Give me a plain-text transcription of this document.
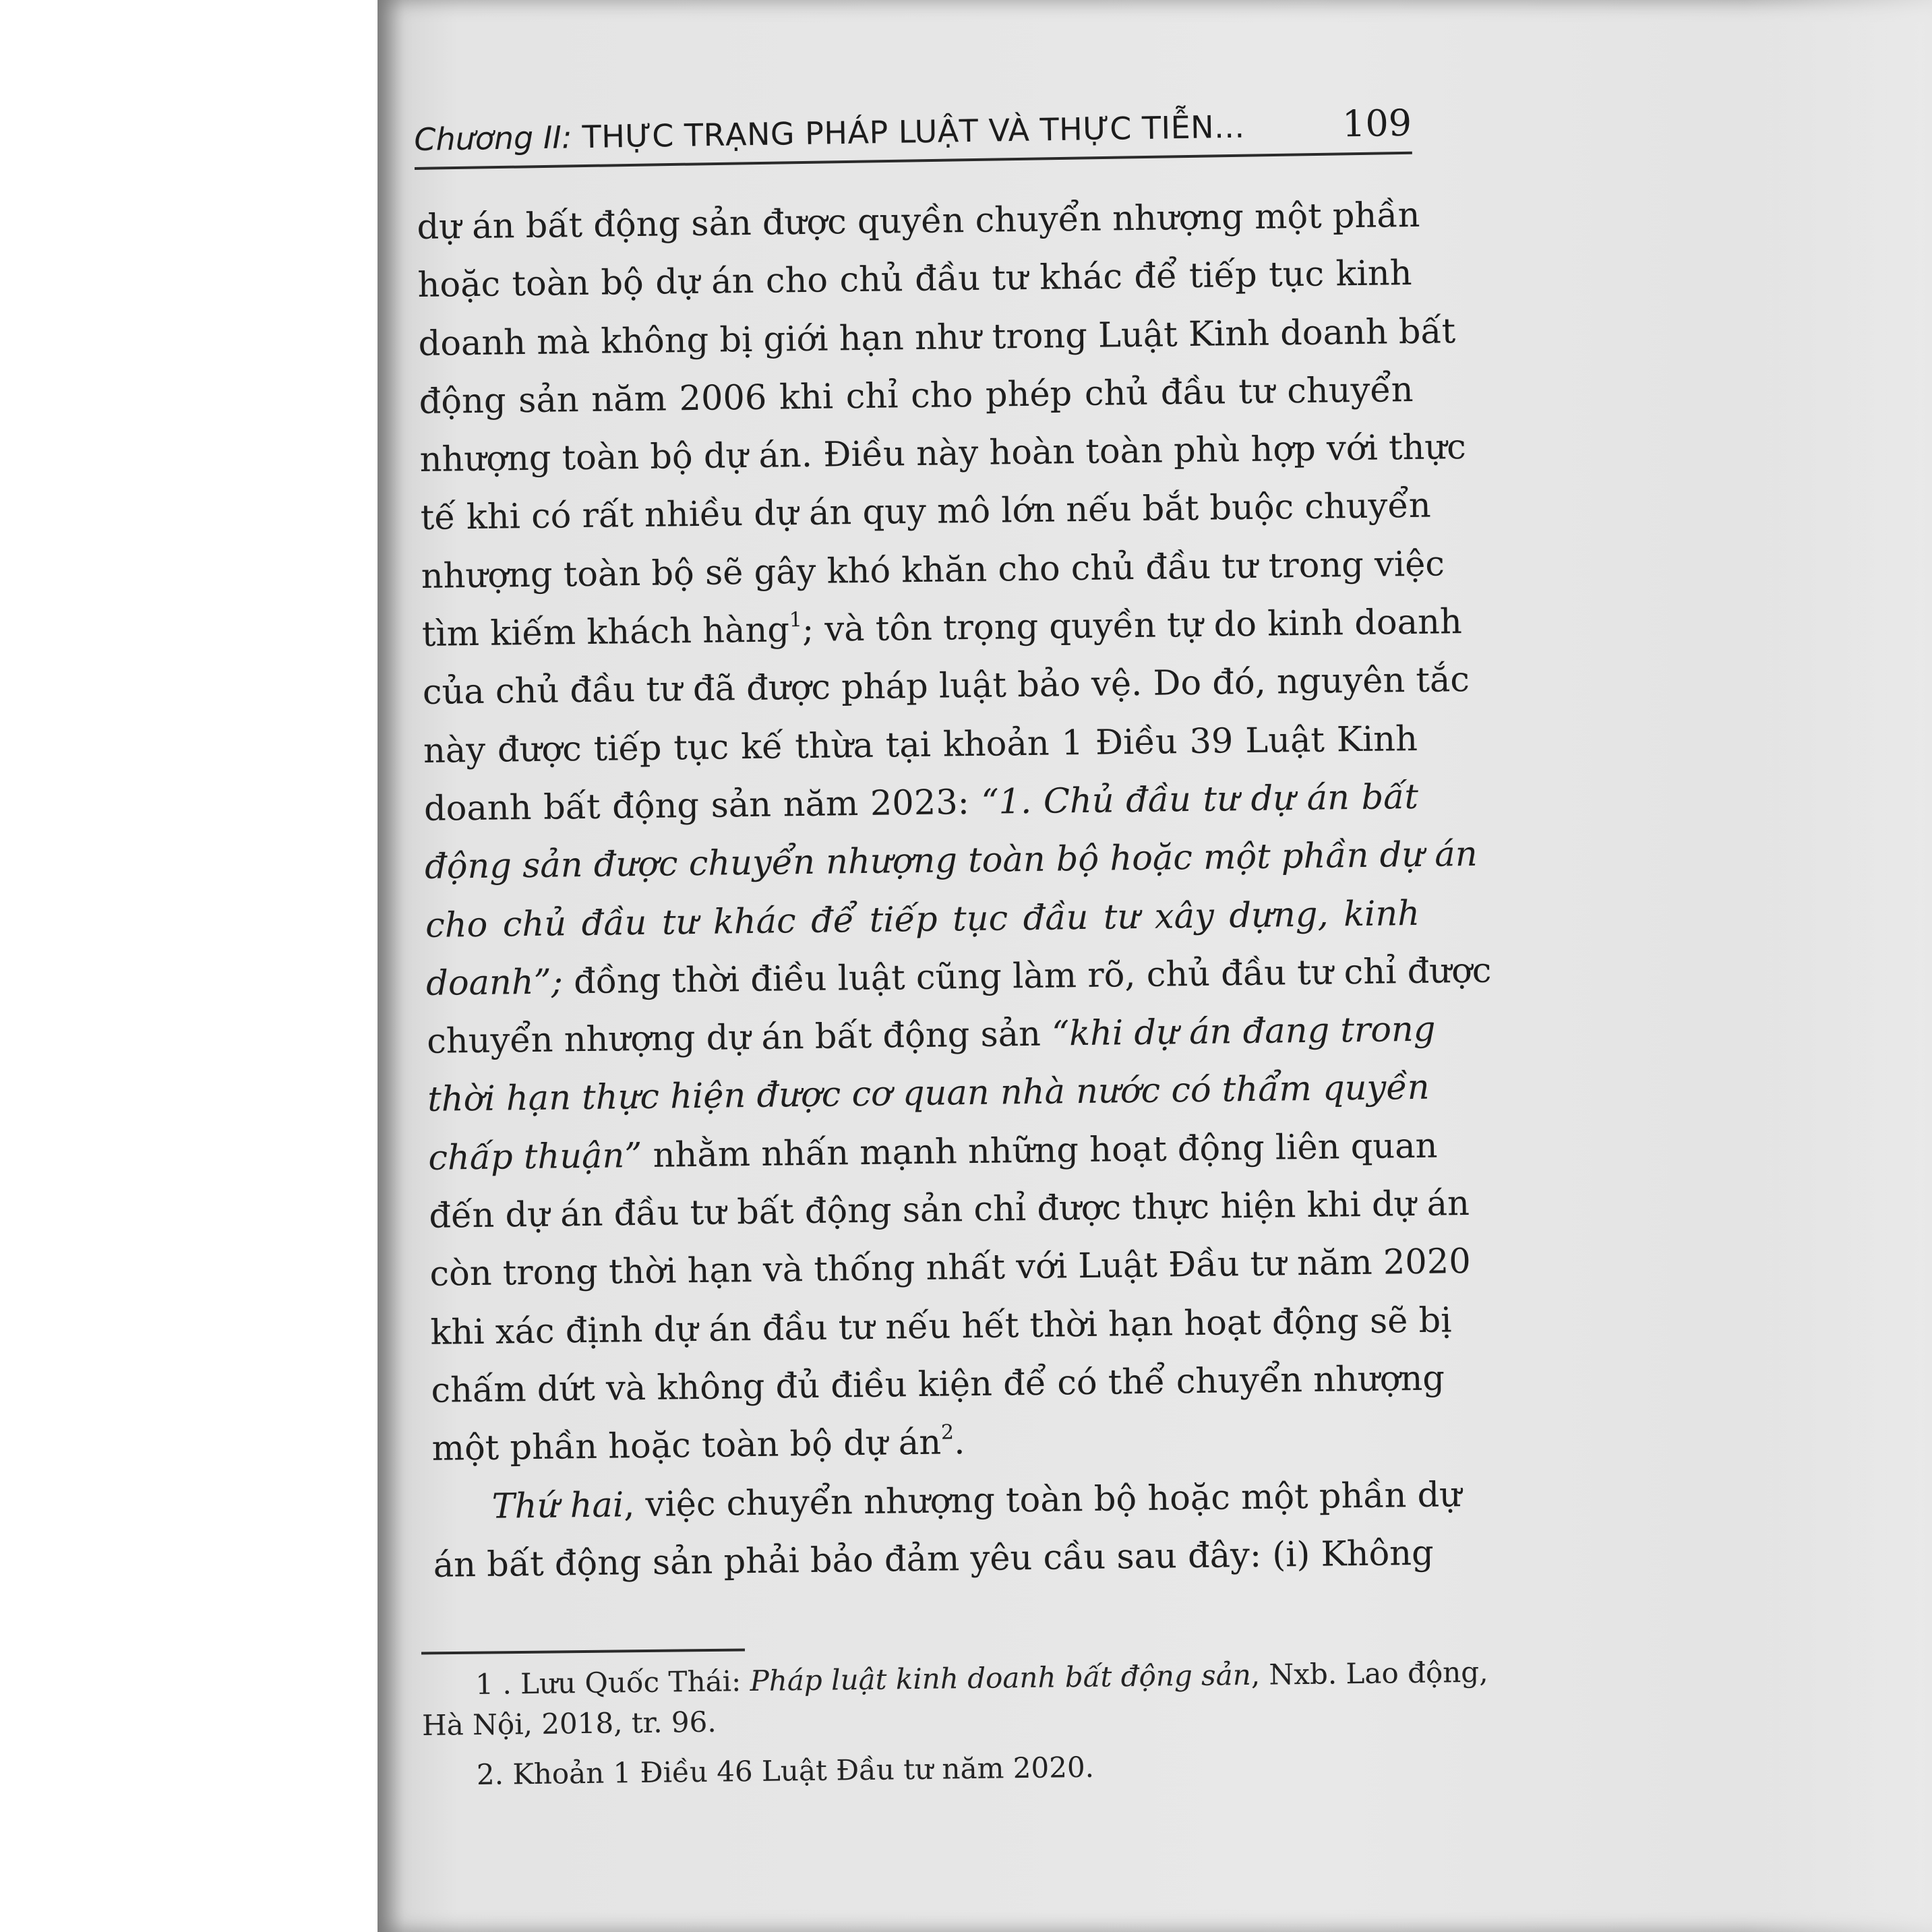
Chương II: THỰC TRẠNG PHÁP LUẬT VÀ THỰC TIỄN...	109
dự án bất động sản được quyền chuyển nhượng một phần
hoặc toàn bộ dự án cho chủ đầu tư khác để tiếp tục kinh
doanh mà không bị giới hạn như trong Luật Kinh doanh bất
động sản năm 2006 khi chỉ cho phép chủ đầu tư chuyển
nhượng toàn bộ dự án. Điều này hoàn toàn phù hợp với thực
tế khi có rất nhiều dự án quy mô lớn nếu bắt buộc chuyển
nhượng toàn bộ sẽ gây khó khăn cho chủ đầu tư trong việc
tìm kiếm khách hàng$^1$; và tôn trọng quyền tự do kinh doanh
của chủ đầu tư đã được pháp luật bảo vệ. Do đó, nguyên tắc
này được tiếp tục kế thừa tại khoản 1 Điều 39 Luật Kinh
doanh bất động sản năm 2023: “1. Chủ đầu tư dự án bất
động sản được chuyển nhượng toàn bộ hoặc một phần dự án
cho chủ đầu tư khác để tiếp tục đầu tư xây dựng, kinh
doanh”; đồng thời điều luật cũng làm rõ, chủ đầu tư chỉ được
chuyển nhượng dự án bất động sản “khi dự án đang trong
thời hạn thực hiện được cơ quan nhà nước có thẩm quyền
chấp thuận” nhằm nhấn mạnh những hoạt động liên quan
đến dự án đầu tư bất động sản chỉ được thực hiện khi dự án
còn trong thời hạn và thống nhất với Luật Đầu tư năm 2020
khi xác định dự án đầu tư nếu hết thời hạn hoạt động sẽ bị
chấm dứt và không đủ điều kiện để có thể chuyển nhượng
một phần hoặc toàn bộ dự $án^2$.
Thứ hai, việc chuyển nhượng toàn bộ hoặc một phần dự
án bất động sản phải bảo đảm yêu cầu sau đây: (i) Không
1 . Lưu Quốc Thái: Pháp luật kinh doanh bất động sản, Nxb. Lao động,
Hà Nội, 2018, tr. 96.
2. Khoản 1 Điều 46 Luật Đầu tư năm 2020.
